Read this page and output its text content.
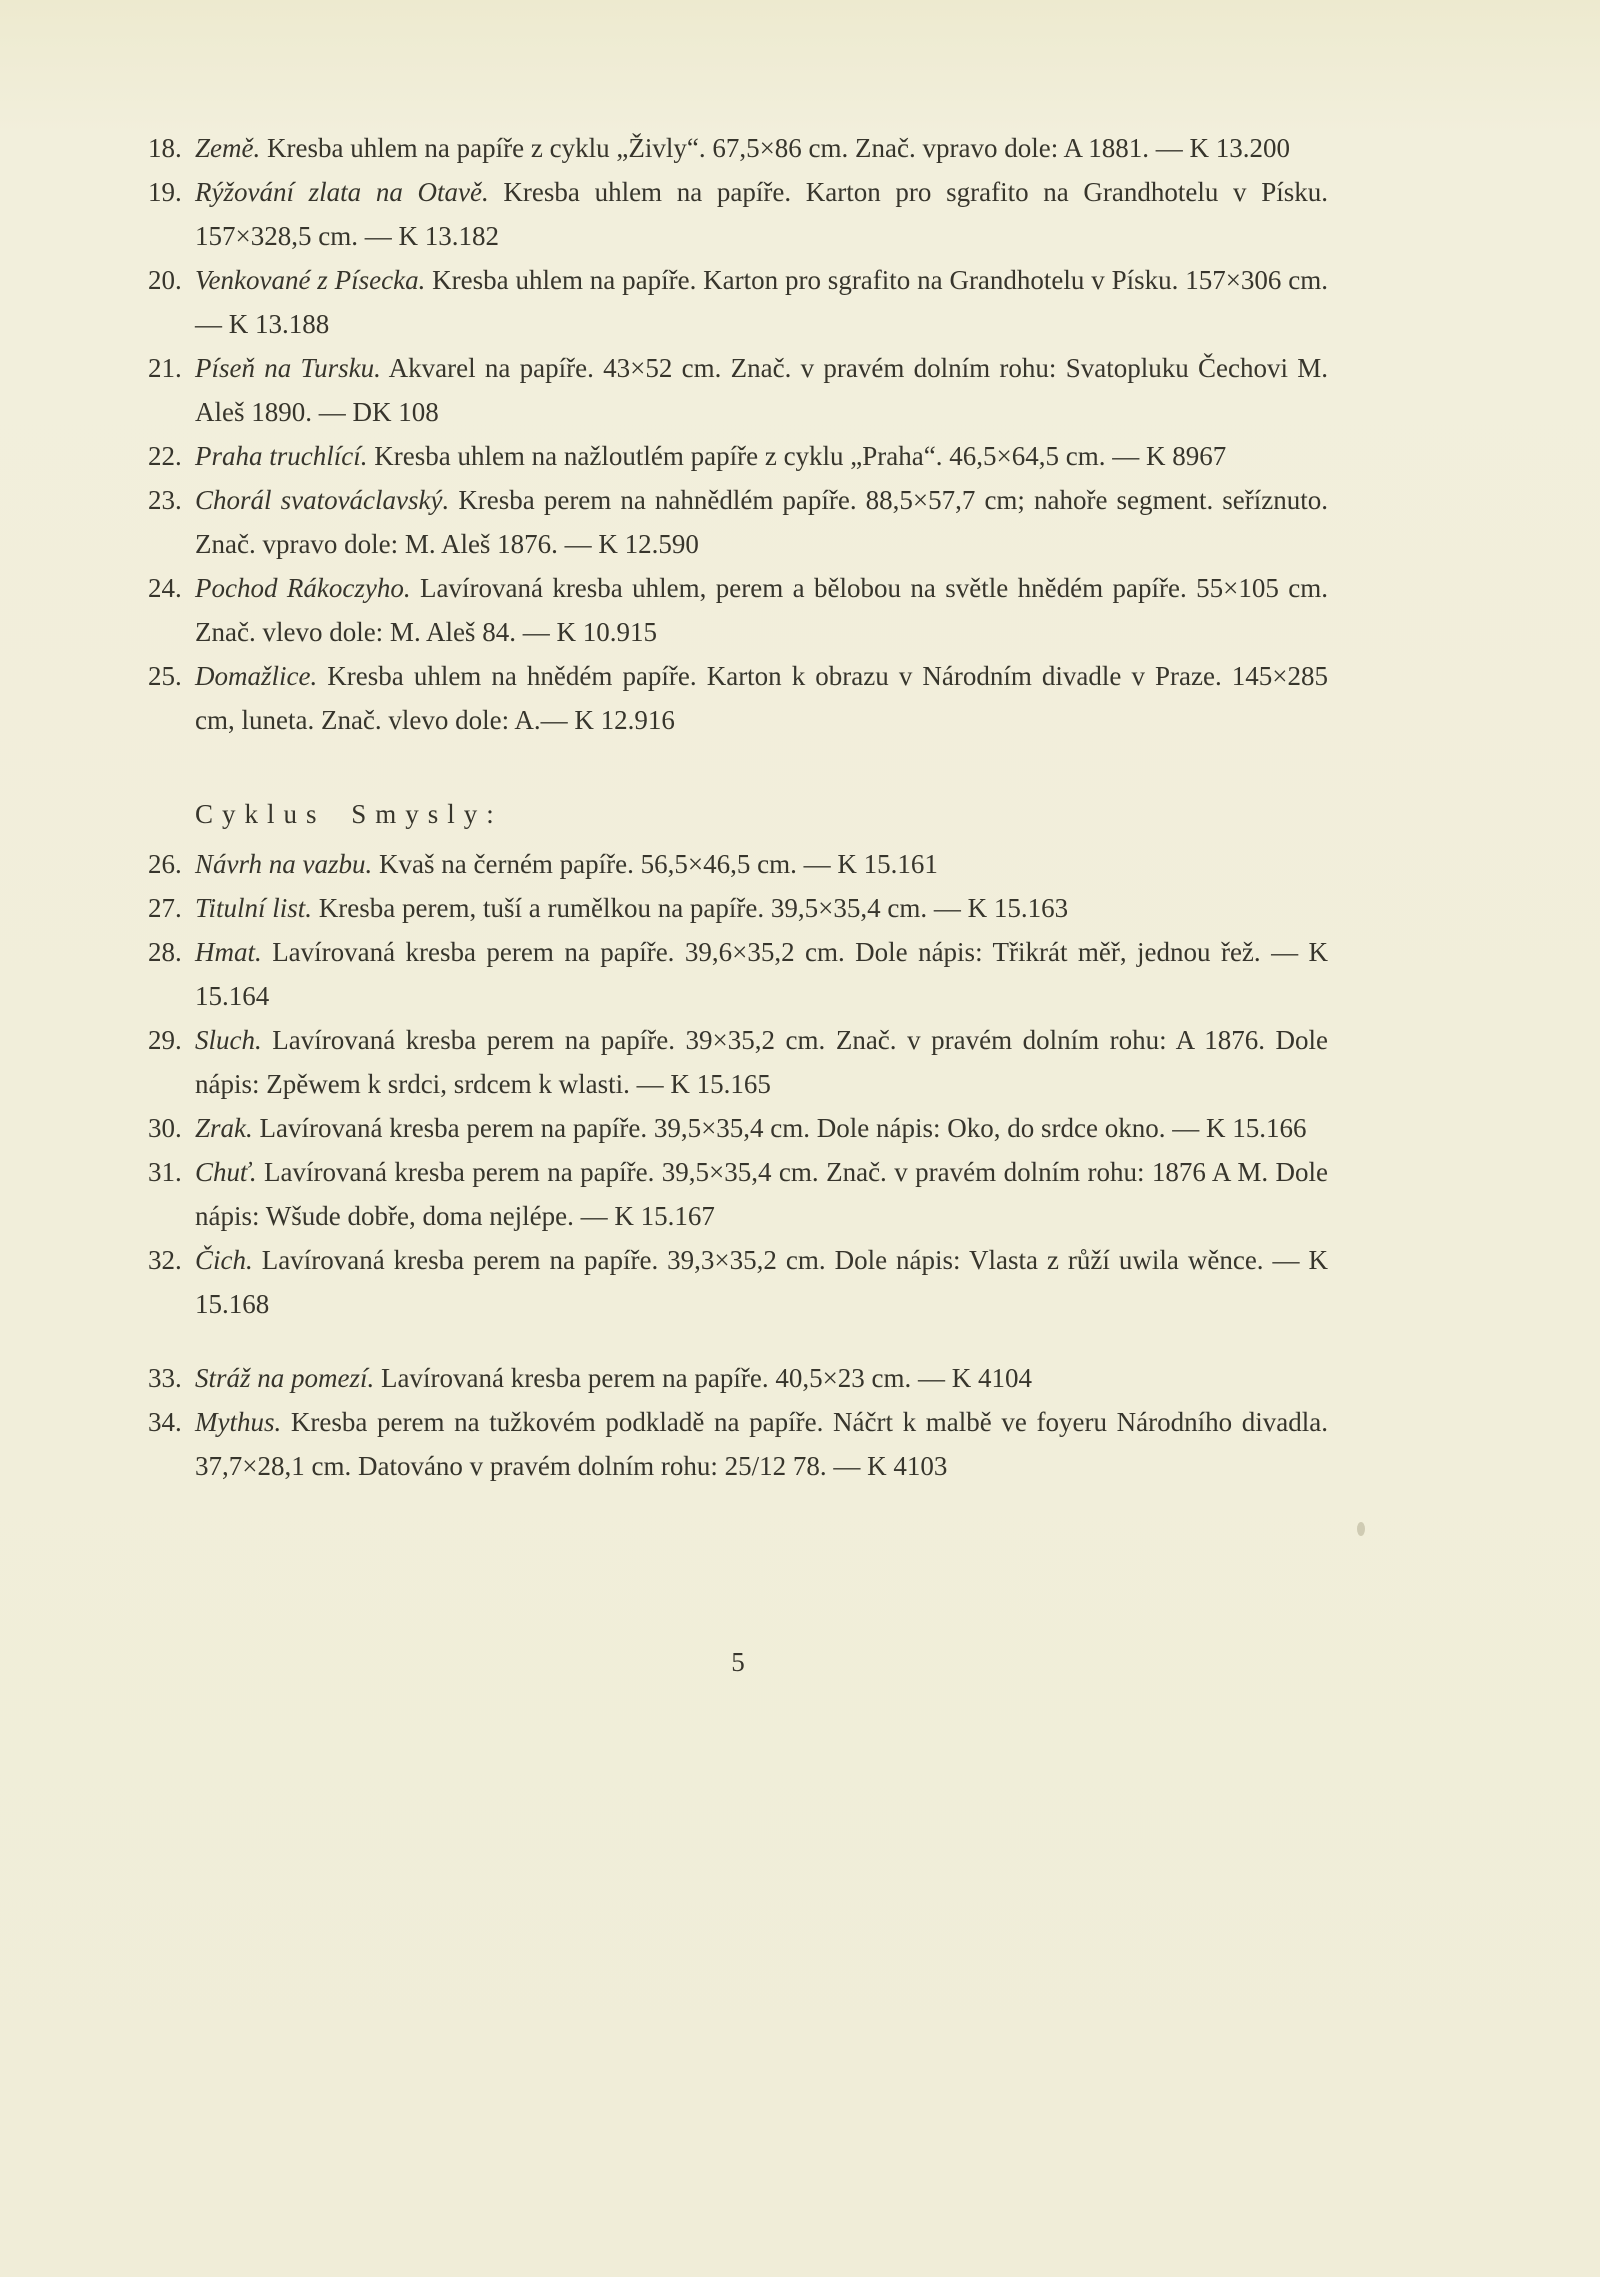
18. Země. Kresba uhlem na papíře z cyklu „Živly“. 67,5×86 cm. Znač. vpravo dole: A 1881. — K 13.200
19. Rýžování zlata na Otavě. Kresba uhlem na papíře. Karton pro sgrafito na Grandhotelu v Písku. 157×328,5 cm. — K 13.182
20. Venkované z Písecka. Kresba uhlem na papíře. Karton pro sgrafito na Grandhotelu v Písku. 157×306 cm. — K 13.188
21. Píseň na Tursku. Akvarel na papíře. 43×52 cm. Znač. v pravém dolním rohu: Svatopluku Čechovi M. Aleš 1890. — DK 108
22. Praha truchlící. Kresba uhlem na nažloutlém papíře z cyklu „Praha“. 46,5×64,5 cm. — K 8967
23. Chorál svatováclavský. Kresba perem na nahnědlém papíře. 88,5×57,7 cm; nahoře segment. seříznuto. Znač. vpravo dole: M. Aleš 1876. — K 12.590
24. Pochod Rákoczyho. Lavírovaná kresba uhlem, perem a bělobou na světle hnědém papíře. 55×105 cm. Znač. vlevo dole: M. Aleš 84. — K 10.915
25. Domažlice. Kresba uhlem na hnědém papíře. Karton k obrazu v Národním divadle v Praze. 145×285 cm, luneta. Znač. vlevo dole: A.— K 12.916
Cyklus Smysly:
26. Návrh na vazbu. Kvaš na černém papíře. 56,5×46,5 cm. — K 15.161
27. Titulní list. Kresba perem, tuší a rumělkou na papíře. 39,5×35,4 cm. — K 15.163
28. Hmat. Lavírovaná kresba perem na papíře. 39,6×35,2 cm. Dole nápis: Třikrát měř, jednou řež. — K 15.164
29. Sluch. Lavírovaná kresba perem na papíře. 39×35,2 cm. Znač. v pravém dolním rohu: A 1876. Dole nápis: Zpěwem k srdci, srdcem k wlasti. — K 15.165
30. Zrak. Lavírovaná kresba perem na papíře. 39,5×35,4 cm. Dole nápis: Oko, do srdce okno. — K 15.166
31. Chuť. Lavírovaná kresba perem na papíře. 39,5×35,4 cm. Znač. v pravém dolním rohu: 1876 A M. Dole nápis: Wšude dobře, doma nejlépe. — K 15.167
32. Čich. Lavírovaná kresba perem na papíře. 39,3×35,2 cm. Dole nápis: Vlasta z růží uwila wěnce. — K 15.168
33. Stráž na pomezí. Lavírovaná kresba perem na papíře. 40,5×23 cm. — K 4104
34. Mythus. Kresba perem na tužkovém podkladě na papíře. Náčrt k malbě ve foyeru Národního divadla. 37,7×28,1 cm. Datováno v pravém dolním rohu: 25/12 78. — K 4103
5
